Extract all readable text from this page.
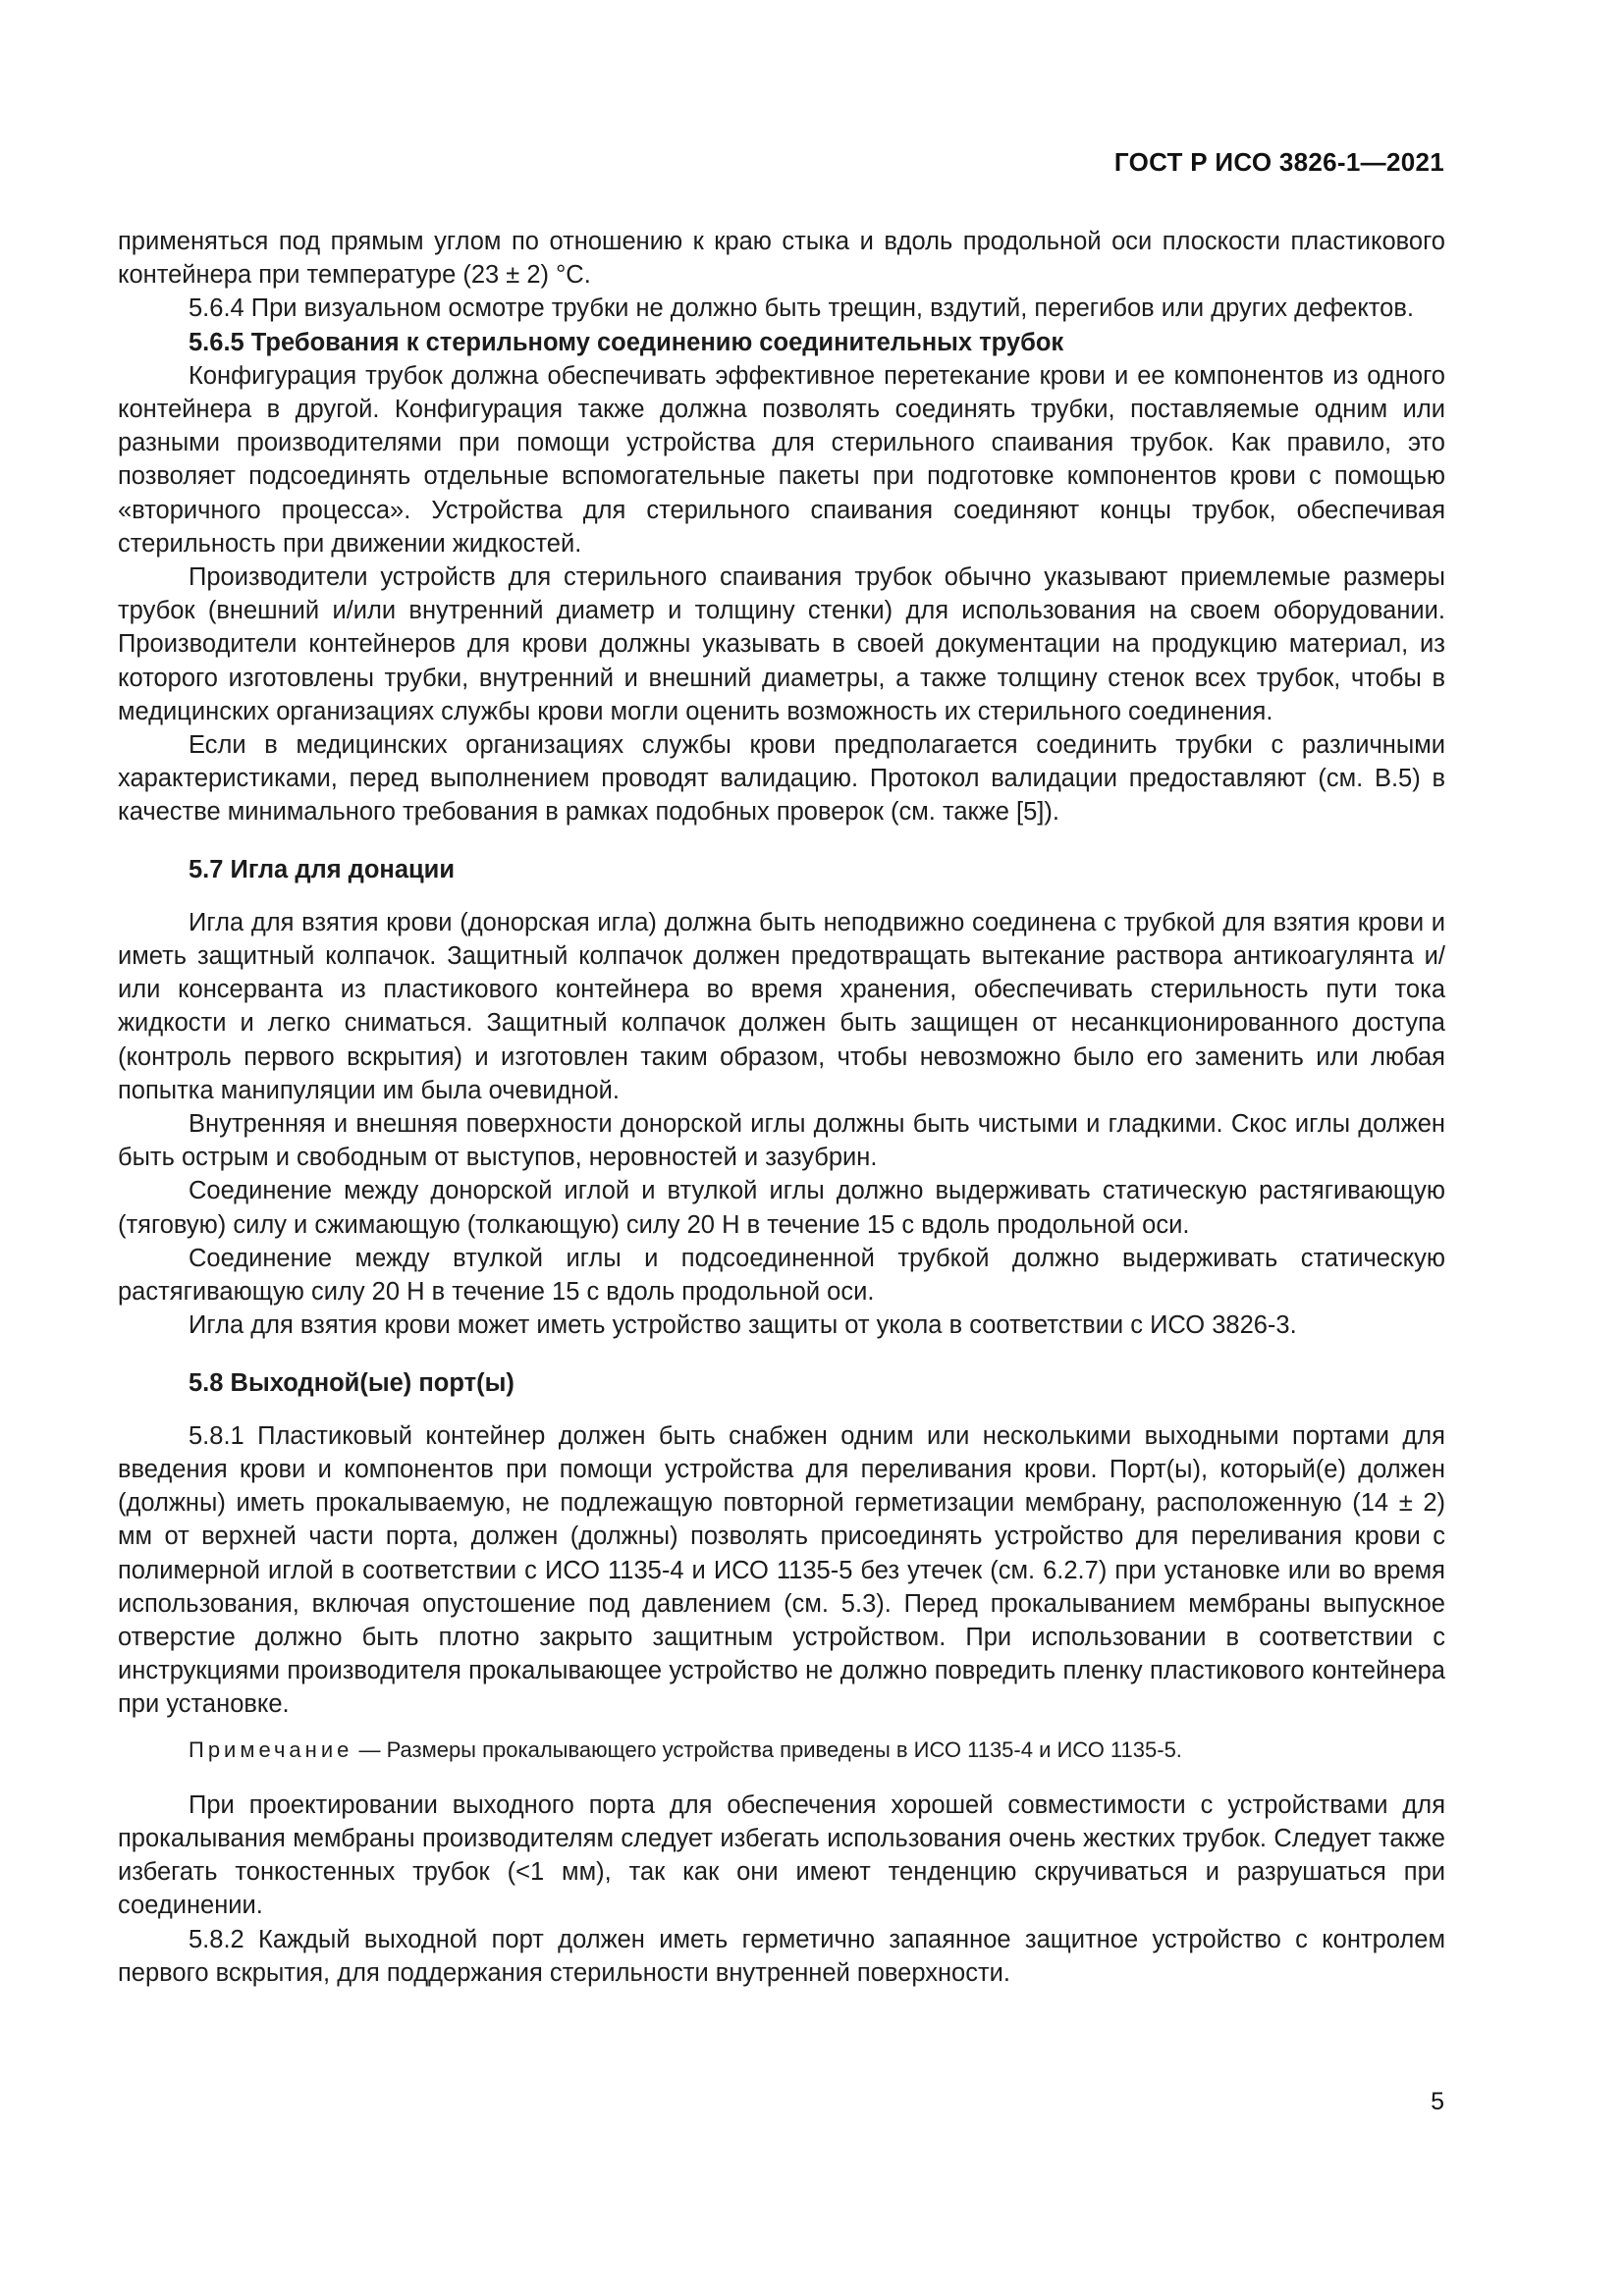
ГОСТ Р ИСО 3826-1—2021

применяться под прямым углом по отношению к краю стыка и вдоль продольной оси плоскости пластикового контейнера при температуре (23 ± 2) °С.

5.6.4 При визуальном осмотре трубки не должно быть трещин, вздутий, перегибов или других дефектов.

5.6.5 Требования к стерильному соединению соединительных трубок

Конфигурация трубок должна обеспечивать эффективное перетекание крови и ее компонентов из одного контейнера в другой. Конфигурация также должна позволять соединять трубки, поставляемые одним или разными производителями при помощи устройства для стерильного спаивания трубок. Как правило, это позволяет подсоединять отдельные вспомогательные пакеты при подготовке компонентов крови с помощью «вторичного процесса». Устройства для стерильного спаивания соединяют концы трубок, обеспечивая стерильность при движении жидкостей.

Производители устройств для стерильного спаивания трубок обычно указывают приемлемые размеры трубок (внешний и/или внутренний диаметр и толщину стенки) для использования на своем оборудовании. Производители контейнеров для крови должны указывать в своей документации на продукцию материал, из которого изготовлены трубки, внутренний и внешний диаметры, а также толщину стенок всех трубок, чтобы в медицинских организациях службы крови могли оценить возможность их стерильного соединения.

Если в медицинских организациях службы крови предполагается соединить трубки с различными характеристиками, перед выполнением проводят валидацию. Протокол валидации предоставляют (см. В.5) в качестве минимального требования в рамках подобных проверок (см. также [5]).

5.7 Игла для донации

Игла для взятия крови (донорская игла) должна быть неподвижно соединена с трубкой для взятия крови и иметь защитный колпачок. Защитный колпачок должен предотвращать вытекание раствора антикоагулянта и/или консерванта из пластикового контейнера во время хранения, обеспечивать стерильность пути тока жидкости и легко сниматься. Защитный колпачок должен быть защищен от несанкционированного доступа (контроль первого вскрытия) и изготовлен таким образом, чтобы невозможно было его заменить или любая попытка манипуляции им была очевидной.

Внутренняя и внешняя поверхности донорской иглы должны быть чистыми и гладкими. Скос иглы должен быть острым и свободным от выступов, неровностей и зазубрин.

Соединение между донорской иглой и втулкой иглы должно выдерживать статическую растягивающую (тяговую) силу и сжимающую (толкающую) силу 20 Н в течение 15 с вдоль продольной оси.

Соединение между втулкой иглы и подсоединенной трубкой должно выдерживать статическую растягивающую силу 20 Н в течение 15 с вдоль продольной оси.

Игла для взятия крови может иметь устройство защиты от укола в соответствии с ИСО 3826-3.

5.8 Выходной(ые) порт(ы)

5.8.1 Пластиковый контейнер должен быть снабжен одним или несколькими выходными портами для введения крови и компонентов при помощи устройства для переливания крови. Порт(ы), который(е) должен (должны) иметь прокалываемую, не подлежащую повторной герметизации мембрану, расположенную (14 ± 2) мм от верхней части порта, должен (должны) позволять присоединять устройство для переливания крови с полимерной иглой в соответствии с ИСО 1135-4 и ИСО 1135-5 без утечек (см. 6.2.7) при установке или во время использования, включая опустошение под давлением (см. 5.3). Перед прокалыванием мембраны выпускное отверстие должно быть плотно закрыто защитным устройством. При использовании в соответствии с инструкциями производителя прокалывающее устройство не должно повредить пленку пластикового контейнера при установке.

Примечание — Размеры прокалывающего устройства приведены в ИСО 1135-4 и ИСО 1135-5.

При проектировании выходного порта для обеспечения хорошей совместимости с устройствами для прокалывания мембраны производителям следует избегать использования очень жестких трубок. Следует также избегать тонкостенных трубок (<1 мм), так как они имеют тенденцию скручиваться и разрушаться при соединении.

5.8.2 Каждый выходной порт должен иметь герметично запаянное защитное устройство с контролем первого вскрытия, для поддержания стерильности внутренней поверхности.

5
